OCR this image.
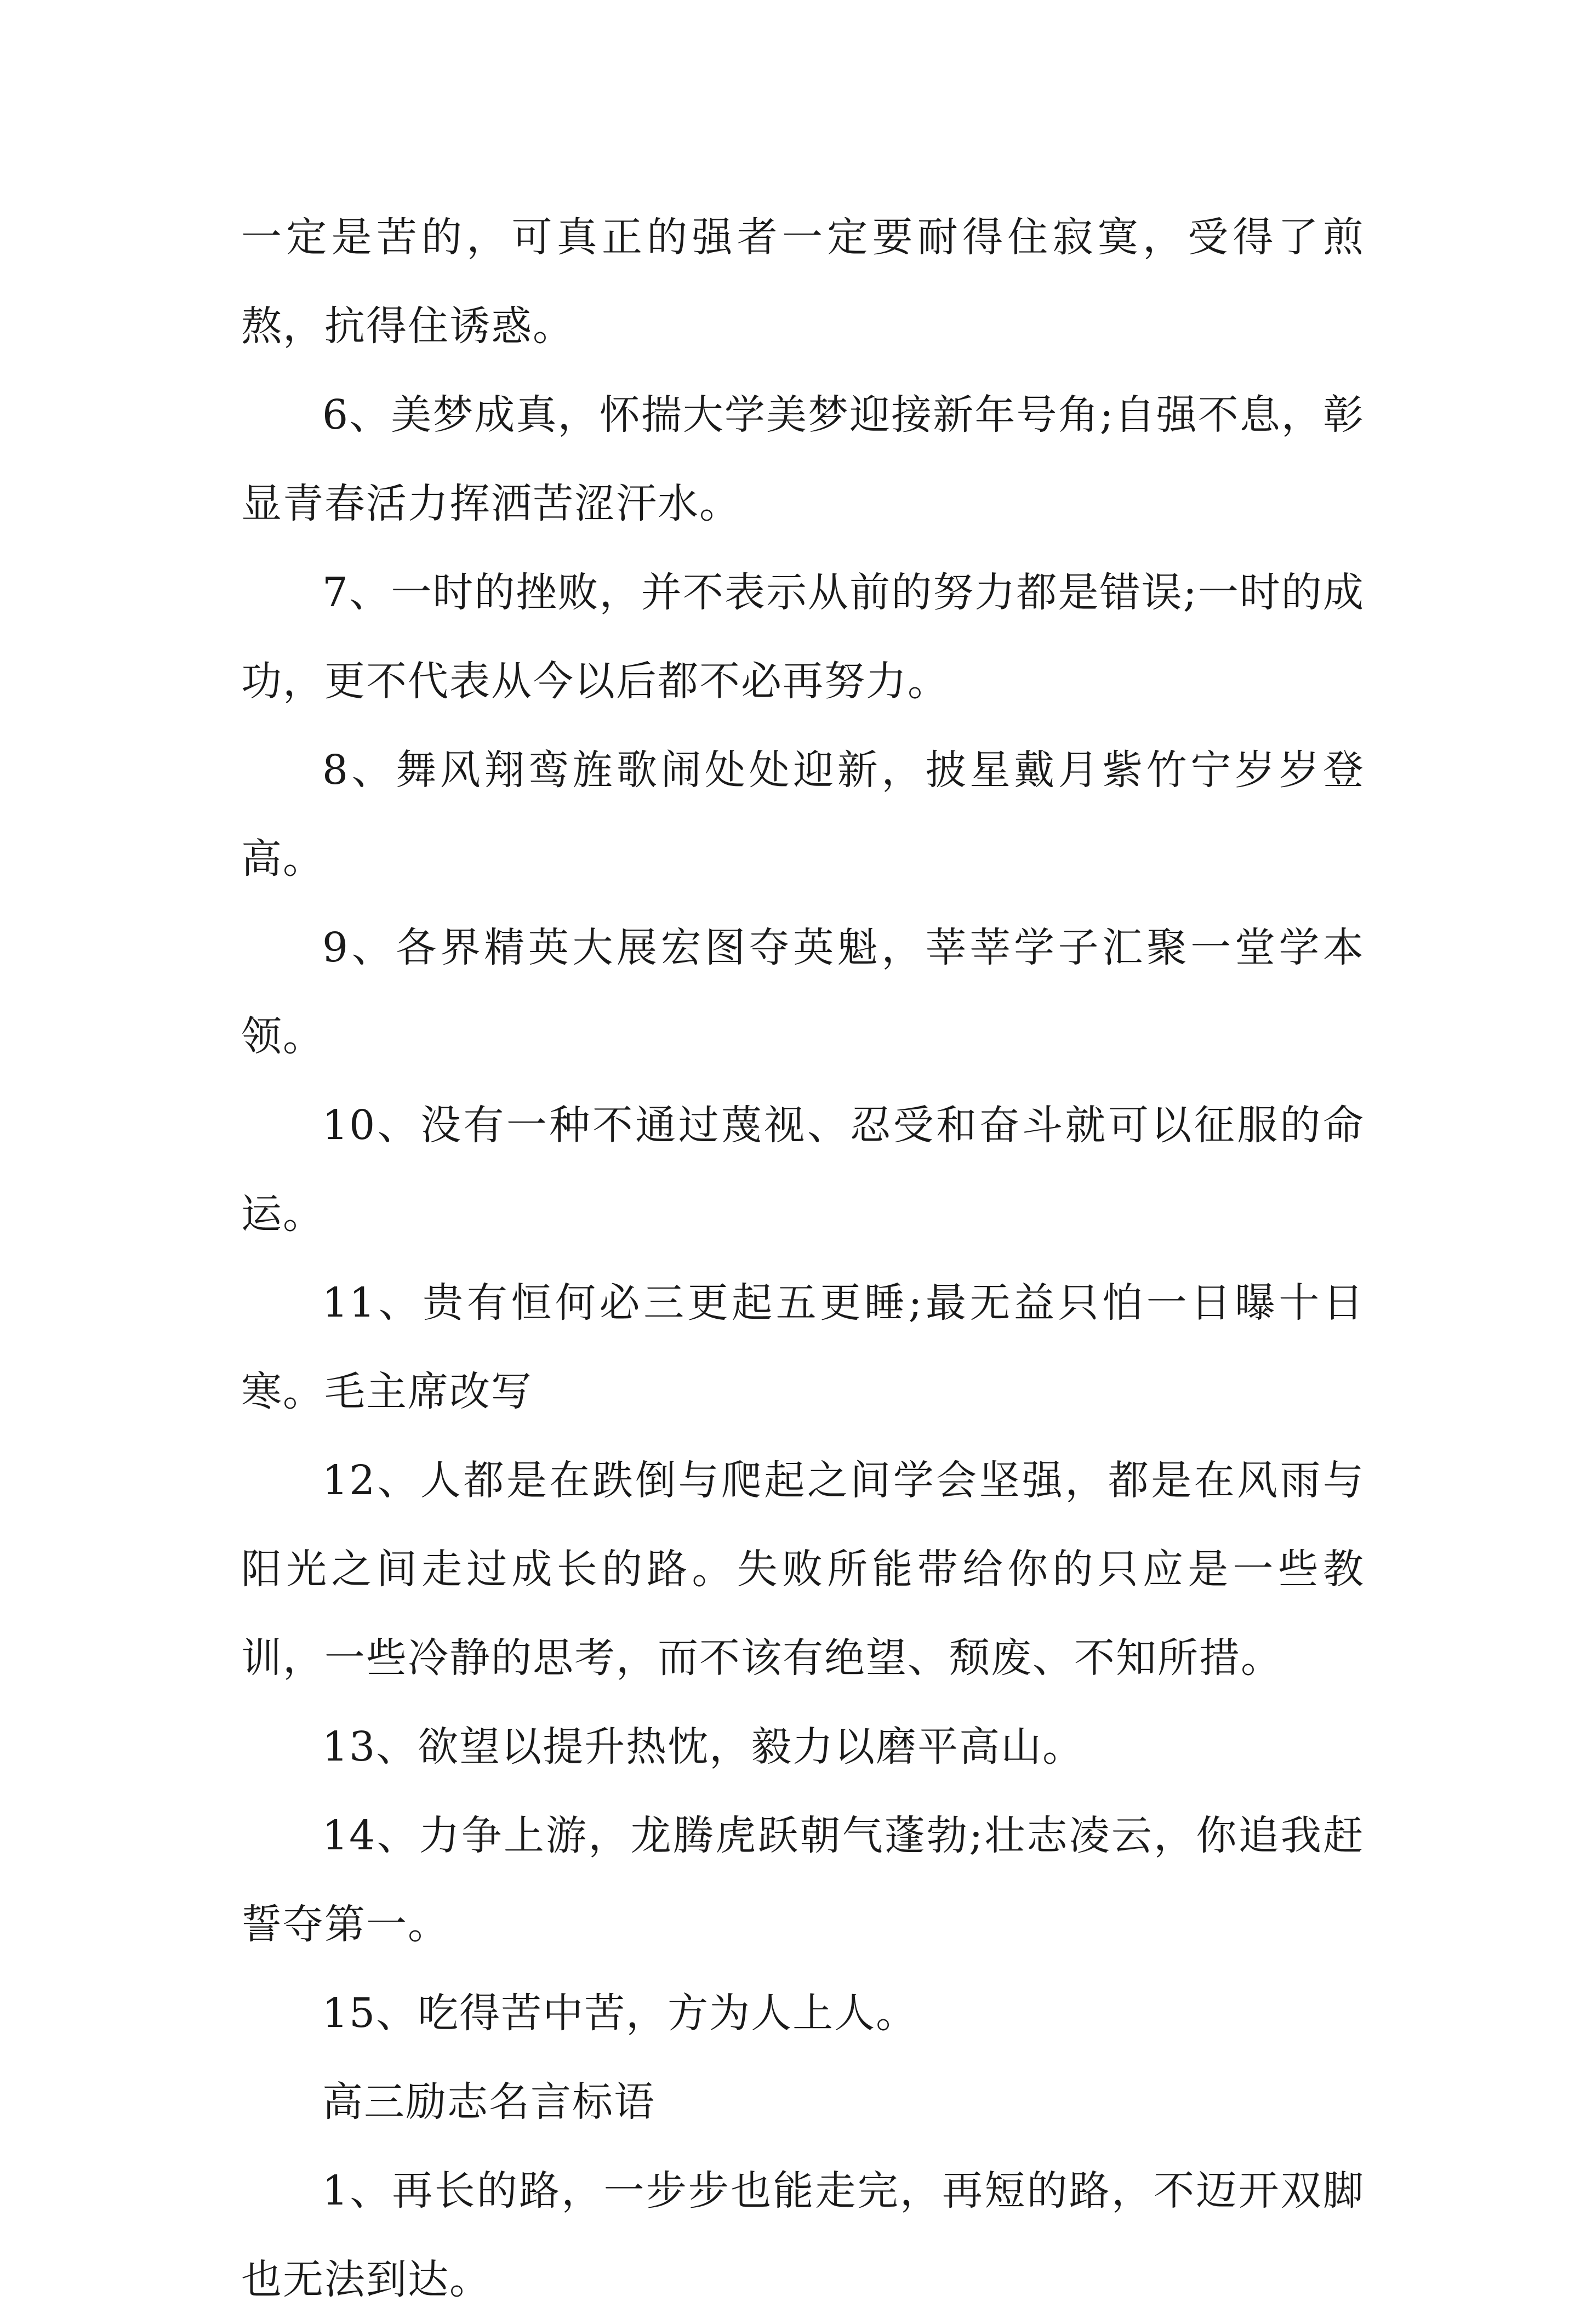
一定是苦的，可真正的强者一定要耐得住寂寞，受得了煎熬，抗得住诱惑。

6、美梦成真，怀揣大学美梦迎接新年号角;自强不息，彰显青春活力挥洒苦涩汗水。

7、一时的挫败，并不表示从前的努力都是错误;一时的成功，更不代表从今以后都不必再努力。

8、舞风翔鸾旌歌闹处处迎新，披星戴月紫竹宁岁岁登高。

9、各界精英大展宏图夺英魁，莘莘学子汇聚一堂学本领。

10、没有一种不通过蔑视、忍受和奋斗就可以征服的命运。

11、贵有恒何必三更起五更睡;最无益只怕一日曝十日寒。毛主席改写

12、人都是在跌倒与爬起之间学会坚强，都是在风雨与阳光之间走过成长的路。失败所能带给你的只应是一些教训，一些冷静的思考，而不该有绝望、颓废、不知所措。

13、欲望以提升热忱，毅力以磨平高山。

14、力争上游，龙腾虎跃朝气蓬勃;壮志凌云，你追我赶誓夺第一。

15、吃得苦中苦，方为人上人。

高三励志名言标语

1、再长的路，一步步也能走完，再短的路，不迈开双脚也无法到达。
